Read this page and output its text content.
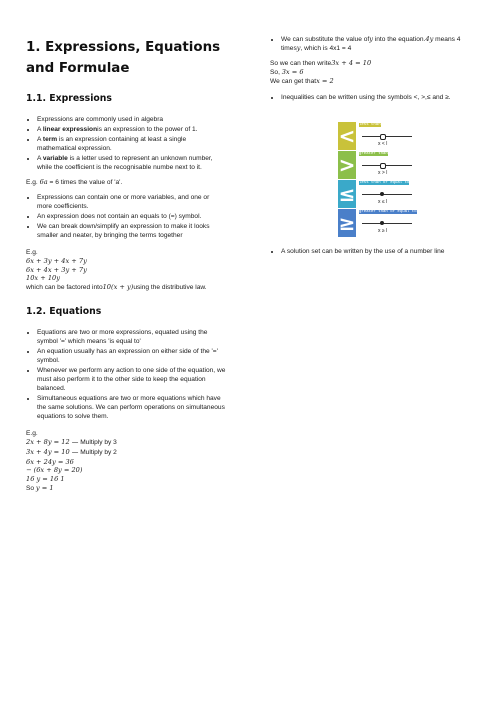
1. Expressions, Equations and Formulae
1.1. Expressions
• Expressions are commonly used in algebra
• A linear expressionis an expression to the power of 1.
• A term is an expression containing at least a single mathematical expression.
• A variable is a letter used to represent an unknown number, while the coefficient is the recognisable numbe next to it.

E.g. 6a = 6 times the value of 'a'.

• Expressions can contain one or more variables, and one or more coefficients.
• An expression does not contain an equals to (=) symbol.
• We can break down/simplify an expression to make it looks smaller and neater, by bringing the terms together

E.g.

6x + 3y + 4x + 7y
6x + 4x + 3y + 7y
10x + 10y

which can be factored into10(x + y)using the distributive law.

1.2. Equations
• Equations are two or more expressions, equated using the symbol '=' which means 'is equal to'
• An equation usually has an expression on either side of the '=' symbol.
• Whenever we perform any action to one side of the equation, we must also perform it to the other side to keep the equation balanced.
• Simultaneous equations are two or more equations which have the same solutions. We can perform operations on simultaneous equations to solve them.

E.g.

2x + 8y = 12 — Multiply by 3
3x + 4y = 10 — Multiply by 2
6x + 24y = 36
− (6x + 8y = 20)
16 y = 16 1
So y = 1
• We can substitute the value ofy into the equation.4y means 4 timesy, which is 4x1 = 4
So we can then write3x + 4 = 10
So, 3x = 6
We can get thatx = 2
• Inequalities can be written using the symbols <, >,≤ and ≥.
< less than
x < l
> greater than
x > l
≤ less than or equal to
x ≤ l
≥ greater than or equal to
x ≥ l
• A solution set can be written by the use of a number line
